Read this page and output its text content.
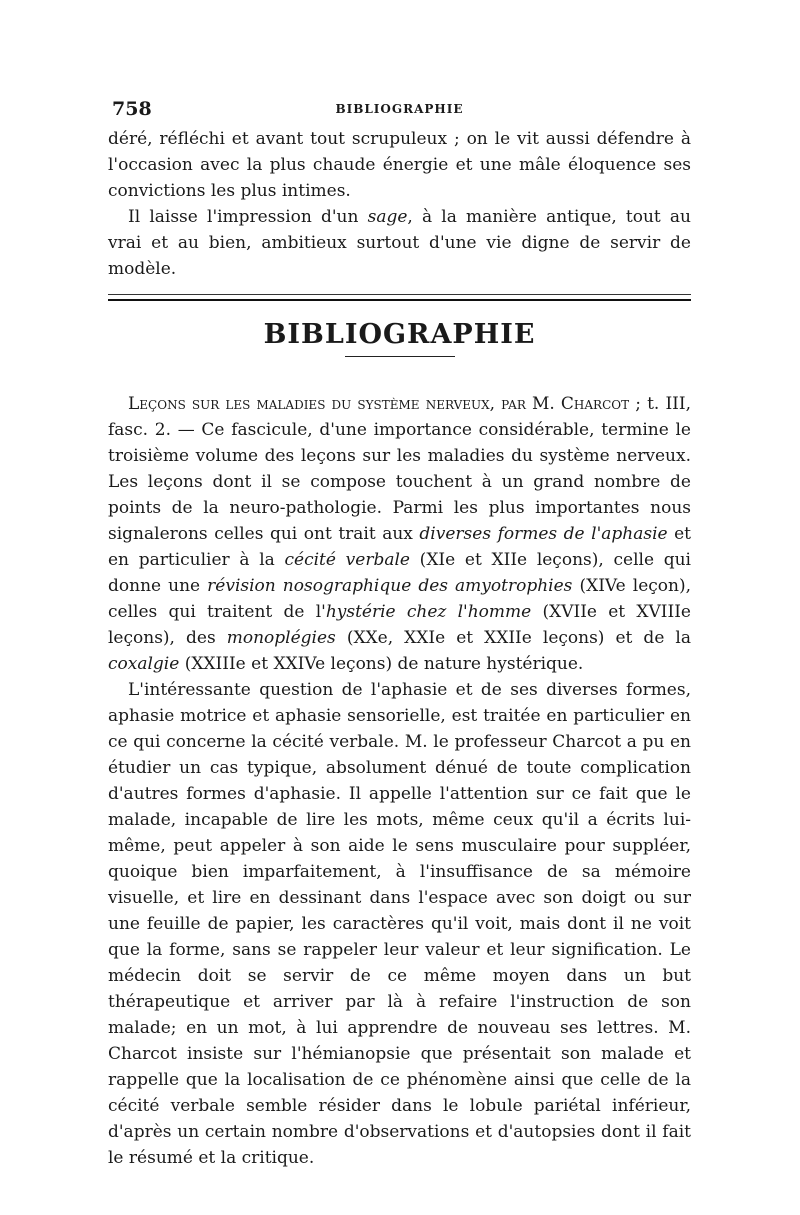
758	BIBLIOGRAPHIE

déré, réfléchi et avant tout scrupuleux ; on le vit aussi défendre à l'occasion avec la plus chaude énergie et une mâle éloquence ses convictions les plus intimes.

Il laisse l'impression d'un sage, à la manière antique, tout au vrai et au bien, ambitieux surtout d'une vie digne de servir de modèle.

BIBLIOGRAPHIE

Leçons sur les maladies du système nerveux, par M. Charcot ; t. III, fasc. 2. — Ce fascicule, d'une importance considérable, termine le troisième volume des leçons sur les maladies du système nerveux. Les leçons dont il se compose touchent à un grand nombre de points de la neuro-pathologie. Parmi les plus importantes nous signalerons celles qui ont trait aux diverses formes de l'aphasie et en particulier à la cécité verbale (XIe et XIIe leçons), celle qui donne une révision nosographique des amyotrophies (XIVe leçon), celles qui traitent de l'hystérie chez l'homme (XVIIe et XVIIIe leçons), des monoplégies (XXe, XXIe et XXIIe leçons) et de la coxalgie (XXIIIe et XXIVe leçons) de nature hystérique.

L'intéressante question de l'aphasie et de ses diverses formes, aphasie motrice et aphasie sensorielle, est traitée en particulier en ce qui concerne la cécité verbale. M. le professeur Charcot a pu en étudier un cas typique, absolument dénué de toute complication d'autres formes d'aphasie. Il appelle l'attention sur ce fait que le malade, incapable de lire les mots, même ceux qu'il a écrits lui-même, peut appeler à son aide le sens musculaire pour suppléer, quoique bien imparfaitement, à l'insuffisance de sa mémoire visuelle, et lire en dessinant dans l'espace avec son doigt ou sur une feuille de papier, les caractères qu'il voit, mais dont il ne voit que la forme, sans se rappeler leur valeur et leur signification. Le médecin doit se servir de ce même moyen dans un but thérapeutique et arriver par là à refaire l'instruction de son malade; en un mot, à lui apprendre de nouveau ses lettres. M. Charcot insiste sur l'hémianopsie que présentait son malade et rappelle que la localisation de ce phénomène ainsi que celle de la cécité verbale semble résider dans le lobule pariétal inférieur, d'après un certain nombre d'observations et d'autopsies dont il fait le résumé et la critique.
